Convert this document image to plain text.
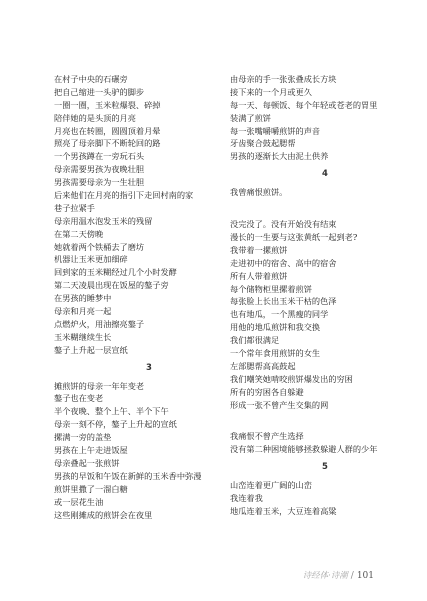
在村子中央的石碾旁
把自己缩进一头驴的脚步
一圈一圈，玉米粒爆裂、碎掉
陪伴她的是头顶的月亮
月亮也在转圈，圆圆顶着月晕
照亮了母亲脚下不断轮回的路
一个男孩蹲在一旁玩石头
母亲需要男孩为夜晚壮胆
男孩需要母亲为一生壮胆
后来他们在月亮的指引下走回村南的家
巷子拉紧手
母亲用温水泡发玉米的残留
在第二天傍晚
她就着两个铁桶去了磨坊
机器让玉米更加细碎
回到家的玉米糊经过几个小时发酵
第二天凌晨出现在饭屋的鏊子旁
在男孩的睡梦中
母亲和月亮一起
点燃炉火，用油擦亮鏊子
玉米糊继续生长
鏊子上升起一层宣纸
3
摊煎饼的母亲一年年变老
鏊子也在变老
半个夜晚、整个上午、半个下午
母亲一刻不停，鏊子上升起的宣纸
摞满一旁的盖垫
男孩在上午走进饭屋
母亲叠起一张煎饼
男孩的早饭和午饭在新鲜的玉米香中弥漫
煎饼里撒了一溜白糖
或一层花生油
这些刚摊成的煎饼会在夜里
由母亲的手一张张叠成长方块
接下来的一个月或更久
每一天、每顿饭、每个年轻或苍老的胃里
装满了煎饼
每一张嘴嚼嚼煎饼的声音
牙齿聚合鼓起腮帮
男孩的逐渐长大由泥土供养
4
我曾痛恨煎饼。
没完没了。没有开始没有结束
漫长的一生要与这张黄纸一起到老?
我带着一摞煎饼
走进初中的宿舍、高中的宿舍
所有人带着煎饼
每个储物柜里摞着煎饼
每张脸上长出玉米干枯的色泽
也有地瓜，一个黑瘦的同学
用他的地瓜煎饼和我交换
我们都很满足
一个常年食用煎饼的女生
左部腮帮高高鼓起
我们嘲笑她啃咬煎饼爆发出的穷困
所有的穷困各自躲避
形成一张不曾产生交集的网
我痛恨不曾产生选择
没有第二种困境能够拯救躲避人群的少年
5
山峦连着更广阔的山峦
我连着我
地瓜连着玉米，大豆连着高粱
诗经体·诗潮 / 101
